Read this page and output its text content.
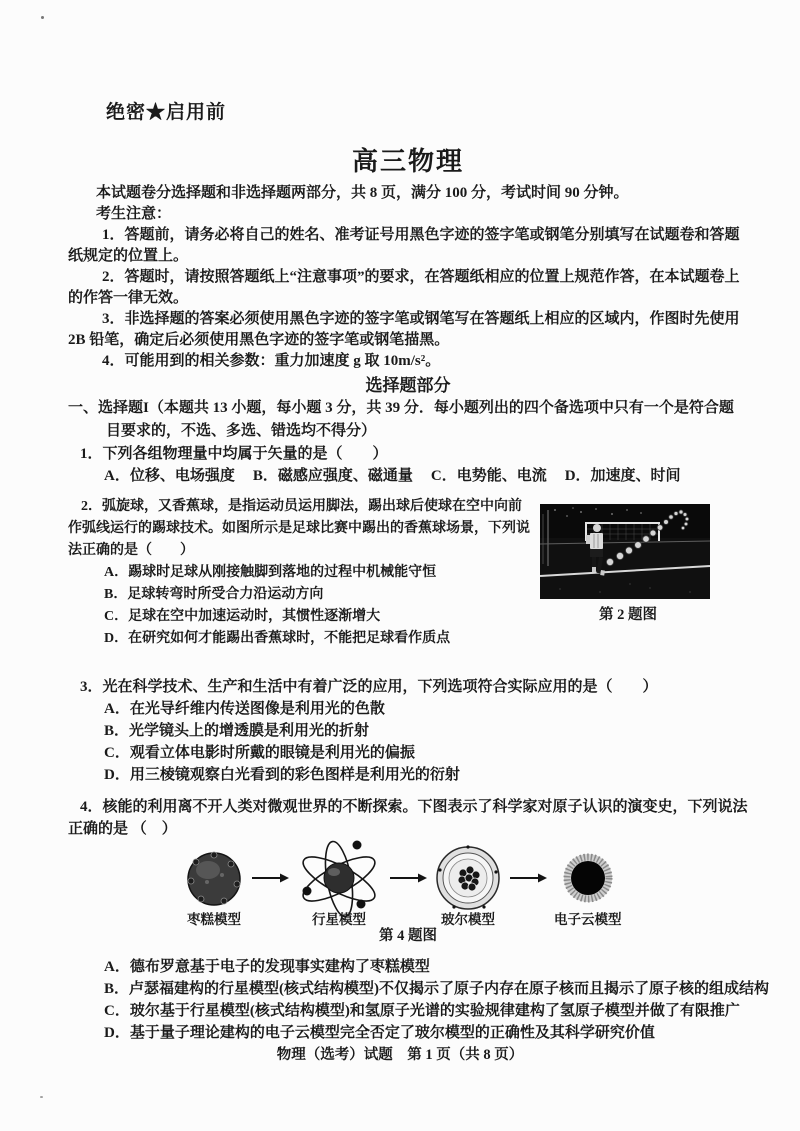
绝密★启用前
高三物理

本试题卷分选择题和非选择题两部分，共 8 页，满分 100 分，考试时间 90 分钟。

考生注意：

1．答题前，请务必将自己的姓名、准考证号用黑色字迹的签字笔或钢笔分别填写在试题卷和答题纸规定的位置上。

2．答题时，请按照答题纸上“注意事项”的要求，在答题纸相应的位置上规范作答，在本试题卷上的作答一律无效。

3．非选择题的答案必须使用黑色字迹的签字笔或钢笔写在答题纸上相应的区域内，作图时先使用 2B 铅笔，确定后必须使用黑色字迹的签字笔或钢笔描黑。

4．可能用到的相关参数：重力加速度 g 取 10m/s²。

选择题部分

一、选择题I（本题共 13 小题，每小题 3 分，共 39 分．每小题列出的四个备选项中只有一个是符合题目要求的，不选、多选、错选均不得分）

1．下列各组物理量中均属于矢量的是（　　）

A．位移、电场强度 B．磁感应强度、磁通量 C．电势能、电流 D．加速度、时间

2．弧旋球，又香蕉球，是指运动员运用脚法，踢出球后使球在空中向前作弧线运行的踢球技术。如图所示是足球比赛中踢出的香蕉球场景，下列说法正确的是（　　）

A．踢球时足球从刚接触脚到落地的过程中机械能守恒

B．足球转弯时所受合力沿运动方向

C．足球在空中加速运动时，其惯性逐渐增大

D．在研究如何才能踢出香蕉球时，不能把足球看作质点

第 2 题图

3．光在科学技术、生产和生活中有着广泛的应用，下列选项符合实际应用的是（　　）

A．在光导纤维内传送图像是利用光的色散

B．光学镜头上的增透膜是利用光的折射

C．观看立体电影时所戴的眼镜是利用光的偏振

D．用三棱镜观察白光看到的彩色图样是利用光的衍射

4．核能的利用离不开人类对微观世界的不断探索。下图表示了科学家对原子认识的演变史，下列说法正确的是 （　）

枣糕模型	行星模型	玻尔模型	电子云模型
第 4 题图

A．德布罗意基于电子的发现事实建构了枣糕模型

B．卢瑟福建构的行星模型(核式结构模型)不仅揭示了原子内存在原子核而且揭示了原子核的组成结构

C．玻尔基于行星模型(核式结构模型)和氢原子光谱的实验规律建构了氢原子模型并做了有限推广

D．基于量子理论建构的电子云模型完全否定了玻尔模型的正确性及其科学研究价值

物理（选考）试题　第 1 页（共 8 页）
